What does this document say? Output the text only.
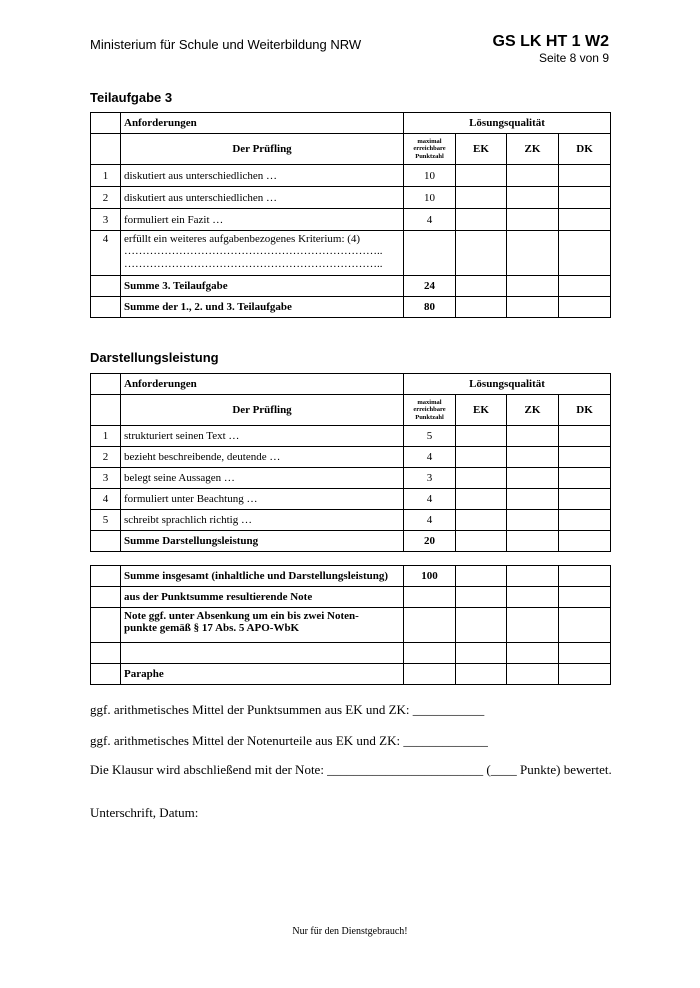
Ministerium für Schule und Weiterbildung NRW	GS LK HT 1 W2
Seite 8 von 9
Teilaufgabe 3
	Anforderungen	Lösungsqualität			
	Der Prüfling	maximal erreichbare Punktzahl	EK	ZK	DK
1	diskutiert aus unterschiedlichen …	10			
2	diskutiert aus unterschiedlichen …	10			
3	formuliert ein Fazit …	4			
4	erfüllt ein weiteres aufgabenbezogenes Kriterium: (4)
……………………………………………………………..
……………………………………………………………..				

	Summe 3. Teilaufgabe	24			
	Summe der 1., 2. und 3. Teilaufgabe	80			
Darstellungsleistung
	Anforderungen	Lösungsqualität			
	Der Prüfling	maximal erreichbare Punktzahl	EK	ZK	DK
1	strukturiert seinen Text …	5			
2	bezieht beschreibende, deutende …	4			
3	belegt seine Aussagen …	3			
4	formuliert unter Beachtung …	4			
5	schreibt sprachlich richtig …	4			
	Summe Darstellungsleistung	20			
	Summe insgesamt (inhaltliche und Darstellungsleistung)	100			
	aus der Punktsumme resultierende Note				

	Note ggf. unter Absenkung um ein bis zwei Noten-
punkte gemäß § 17 Abs. 5 APO-WbK				

	Paraphe				
ggf. arithmetisches Mittel der Punktsummen aus EK und ZK: ___________
ggf. arithmetisches Mittel der Notenurteile aus EK und ZK: _____________
Die Klausur wird abschließend mit der Note: ________________________ (____ Punkte) bewertet.
Unterschrift, Datum:
Nur für den Dienstgebrauch!
